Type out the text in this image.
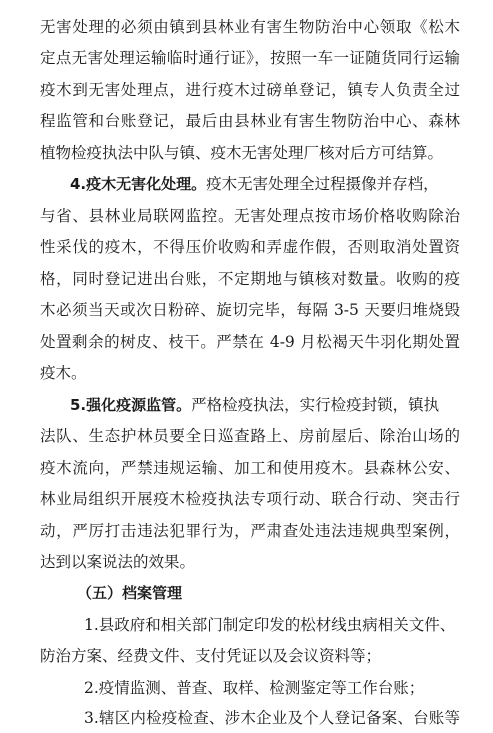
无害处理的必须由镇到县林业有害生物防治中心领取《松木
定点无害处理运输临时通行证》，按照一车一证随货同行运输
疫木到无害处理点，进行疫木过磅单登记，镇专人负责全过
程监管和台账登记，最后由县林业有害生物防治中心、森林
植物检疫执法中队与镇、疫木无害处理厂核对后方可结算。
4.疫木无害化处理。疫木无害处理全过程摄像并存档，
与省、县林业局联网监控。无害处理点按市场价格收购除治
性采伐的疫木，不得压价收购和弄虚作假，否则取消处置资
格，同时登记进出台账，不定期地与镇核对数量。收购的疫
木必须当天或次日粉碎、旋切完毕，每隔 3-5 天要归堆烧毁
处置剩余的树皮、枝干。严禁在 4-9 月松褐天牛羽化期处置
疫木。
5.强化疫源监管。严格检疫执法，实行检疫封锁，镇执
法队、生态护林员要全日巡查路上、房前屋后、除治山场的
疫木流向，严禁违规运输、加工和使用疫木。县森林公安、
林业局组织开展疫木检疫执法专项行动、联合行动、突击行
动，严厉打击违法犯罪行为，严肃查处违法违规典型案例，
达到以案说法的效果。
（五）档案管理
1.县政府和相关部门制定印发的松材线虫病相关文件、
防治方案、经费文件、支付凭证以及会议资料等；
2.疫情监测、普查、取样、检测鉴定等工作台账；
3.辖区内检疫检查、涉木企业及个人登记备案、台账等
